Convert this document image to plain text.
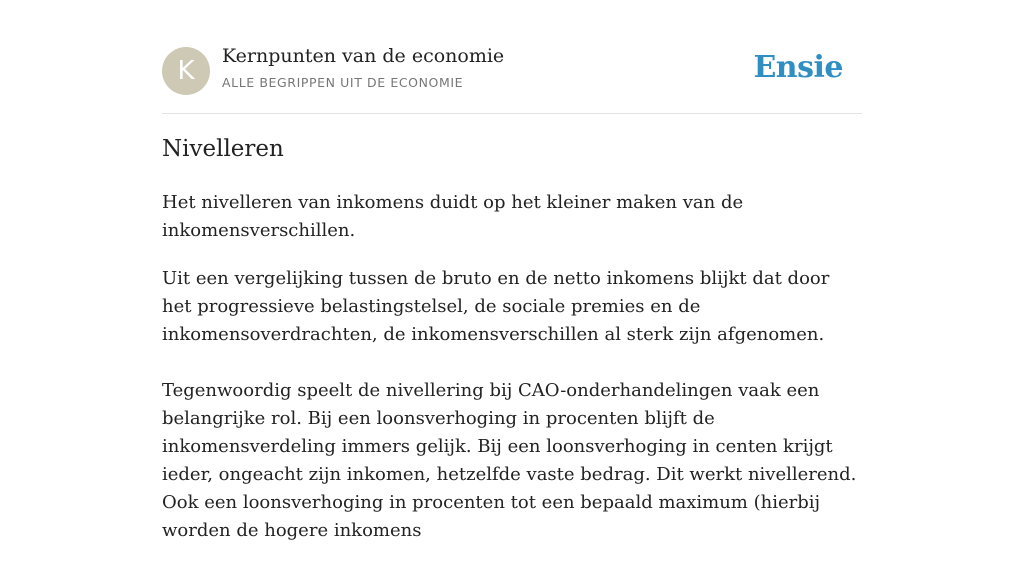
K	Kernpunten van de economie
ALLE BEGRIPPEN UIT DE ECONOMIE	Ensie
Nivelleren

Het nivelleren van inkomens duidt op het kleiner maken van de inkomensverschillen.

Uit een vergelijking tussen de bruto en de netto inkomens blijkt dat door het progressieve belastingstelsel, de sociale premies en de inkomensoverdrachten, de inkomensverschillen al sterk zijn afgenomen.

Tegenwoordig speelt de nivellering bij CAO-onderhandelingen vaak een belangrijke rol. Bij een loonsverhoging in procenten blijft de inkomensverdeling immers gelijk. Bij een loonsverhoging in centen krijgt ieder, ongeacht zijn inkomen, hetzelfde vaste bedrag. Dit werkt nivellerend. Ook een loonsverhoging in procenten tot een bepaald maximum (hierbij worden de hogere inkomens
